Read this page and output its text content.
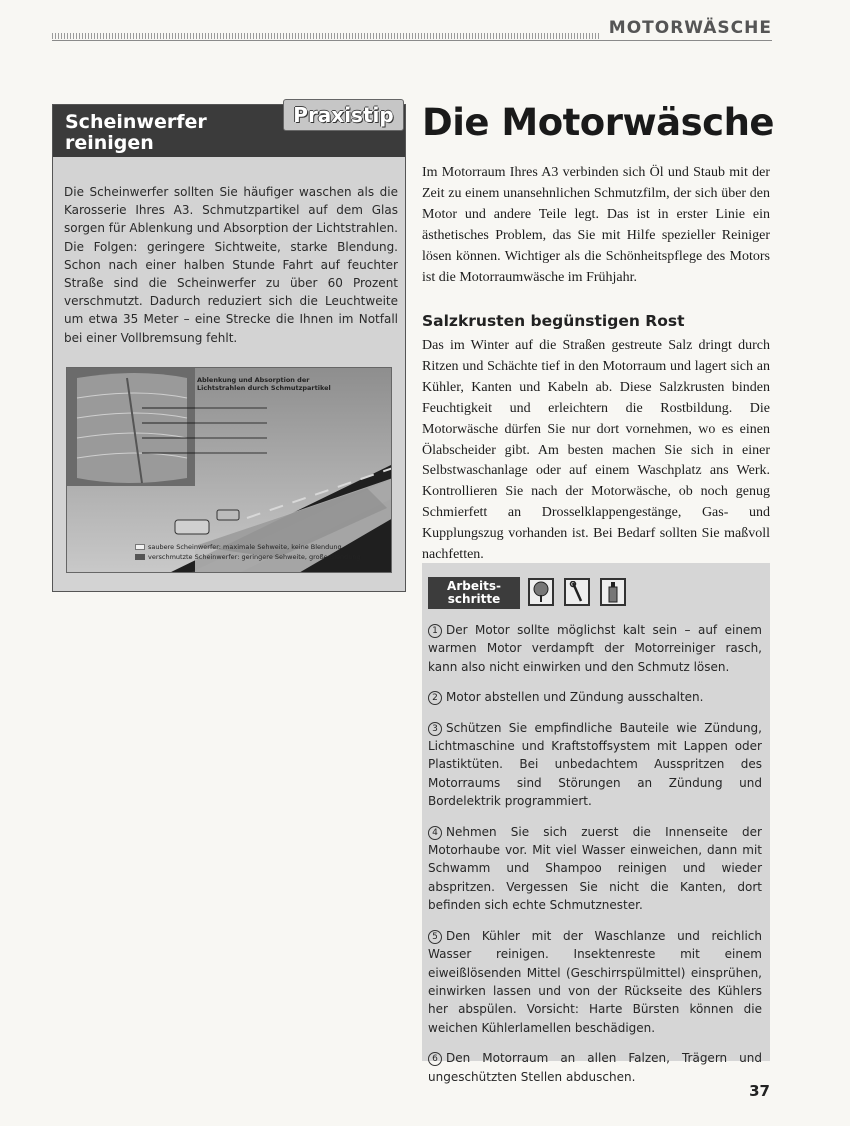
MOTORWÄSCHE
Scheinwerfer reinigen
Die Scheinwerfer sollten Sie häufiger waschen als die Karosserie Ihres A3. Schmutzpartikel auf dem Glas sorgen für Ablenkung und Absorption der Lichtstrahlen. Die Folgen: geringere Sichtweite, starke Blendung. Schon nach einer halben Stunde Fahrt auf feuchter Straße sind die Scheinwerfer zu über 60 Prozent verschmutzt. Dadurch reduziert sich die Leuchtweite um etwa 35 Meter – eine Strecke die Ihnen im Notfall bei einer Vollbremsung fehlt.
Ablenkung und Absorption der Lichtstrahlen durch Schmutzpartikel
saubere Scheinwerfer: maximale Sehweite, keine Blendung
verschmutzte Scheinwerfer: geringere Sehweite, große Blendung
Praxistip Die Motorwäsche
Im Motorraum Ihres A3 verbinden sich Öl und Staub mit der Zeit zu einem unansehnlichen Schmutzfilm, der sich über den Motor und andere Teile legt. Das ist in erster Linie ein ästhetisches Problem, das Sie mit Hilfe spezieller Reiniger lösen können. Wichtiger als die Schönheitspflege des Motors ist die Motorraumwäsche im Frühjahr.
Salzkrusten begünstigen Rost
Das im Winter auf die Straßen gestreute Salz dringt durch Ritzen und Schächte tief in den Motorraum und lagert sich an Kühler, Kanten und Kabeln ab. Diese Salzkrusten binden Feuchtigkeit und erleichtern die Rostbildung. Die Motorwäsche dürfen Sie nur dort vornehmen, wo es einen Ölabscheider gibt. Am besten machen Sie sich in einer Selbstwaschanlage oder auf einem Waschplatz ans Werk. Kontrollieren Sie nach der Motorwäsche, ob noch genug Schmierfett an Drosselklappengestänge, Gas- und Kupplungszug vorhanden ist. Bei Bedarf sollten Sie maßvoll nachfetten.
Arbeits-
schritte
1 Der Motor sollte möglichst kalt sein – auf einem warmen Motor verdampft der Motorreiniger rasch, kann also nicht einwirken und den Schmutz lösen.
2 Motor abstellen und Zündung ausschalten.
3 Schützen Sie empfindliche Bauteile wie Zündung, Lichtmaschine und Kraftstoffsystem mit Lappen oder Plastiktüten. Bei unbedachtem Ausspritzen des Motorraums sind Störungen an Zündung und Bordelektrik programmiert.
4 Nehmen Sie sich zuerst die Innenseite der Motorhaube vor. Mit viel Wasser einweichen, dann mit Schwamm und Shampoo reinigen und wieder abspritzen. Vergessen Sie nicht die Kanten, dort befinden sich echte Schmutznester.
5 Den Kühler mit der Waschlanze und reichlich Wasser reinigen. Insektenreste mit einem eiweißlösenden Mittel (Geschirrspülmittel) einsprühen, einwirken lassen und von der Rückseite des Kühlers her abspülen. Vorsicht: Harte Bürsten können die weichen Kühlerlamellen beschädigen.
6 Den Motorraum an allen Falzen, Trägern und ungeschützten Stellen abduschen.
37
